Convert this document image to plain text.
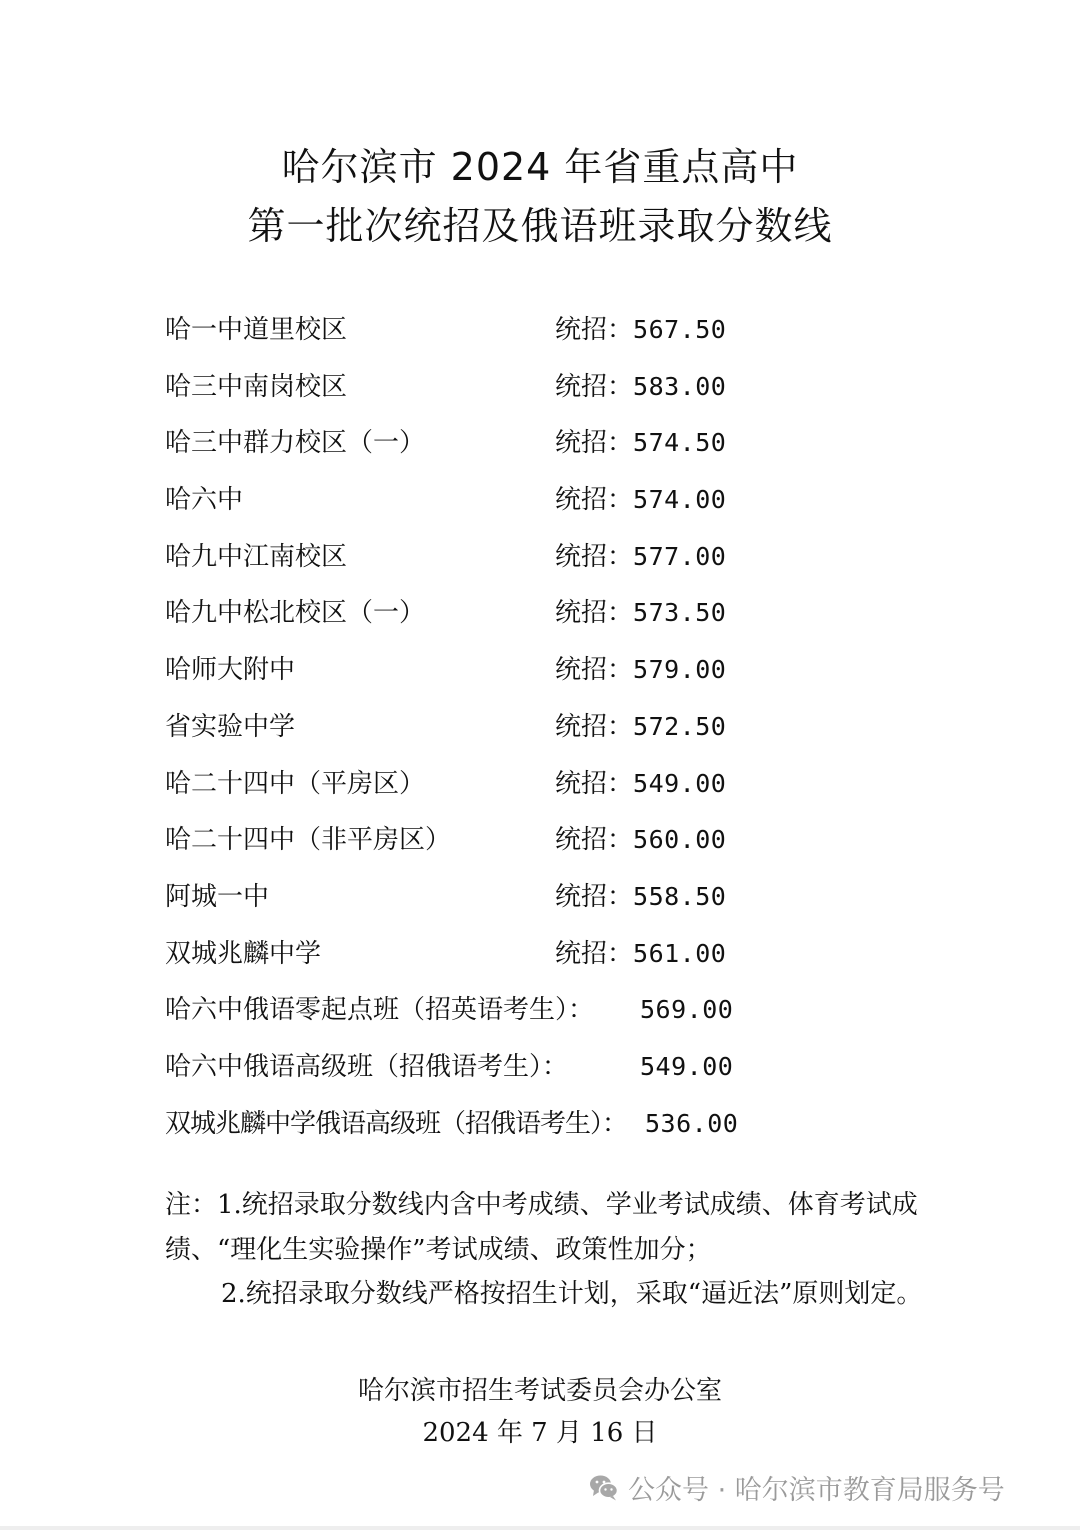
哈尔滨市 2024 年省重点高中
第一批次统招及俄语班录取分数线
哈一中道里校区	统招：567.50
哈三中南岗校区	统招：583.00
哈三中群力校区（一）	统招：574.50
哈六中	统招：574.00
哈九中江南校区	统招：577.00
哈九中松北校区（一）	统招：573.50
哈师大附中	统招：579.00
省实验中学	统招：572.50
哈二十四中（平房区）	统招：549.00
哈二十四中（非平房区）	统招：560.00
阿城一中	统招：558.50
双城兆麟中学	统招：561.00
哈六中俄语零起点班（招英语考生）： 569.00
哈六中俄语高级班（招俄语考生）：	549.00
双城兆麟中学俄语高级班（招俄语考生）： 536.00

注：1.统招录取分数线内含中考成绩、学业考试成绩、体育考试成绩、“理化生实验操作”考试成绩、政策性加分；

2.统招录取分数线严格按招生计划，采取“逼近法”原则划定。

哈尔滨市招生考试委员会办公室
2024 年 7 月 16 日
公众号 · 哈尔滨市教育局服务号
